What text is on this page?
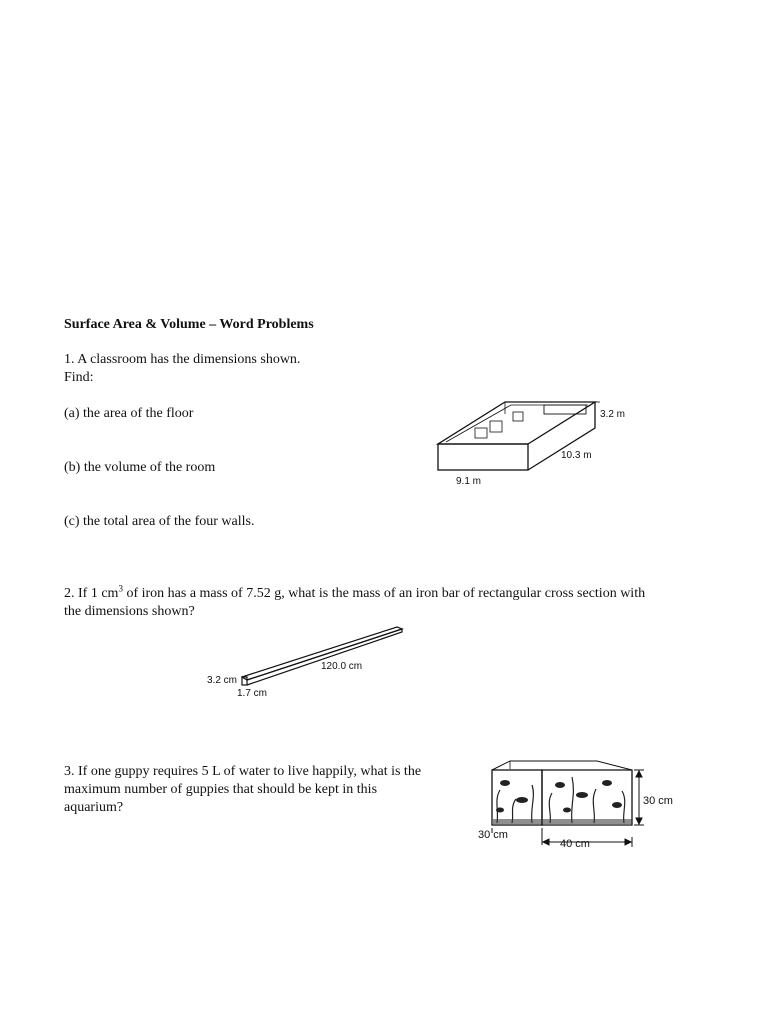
Surface Area & Volume – Word Problems
1. A classroom has the dimensions shown.
Find:
(a) the area of the floor
(b) the volume of the room
(c) the total area of the four walls.
3.2 m
10.3 m
9.1 m
2. If 1 $cm^3$ of iron has a mass of 7.52 g, what is the mass of an iron bar of rectangular cross section with
the dimensions shown?
120.0 cm
3.2 cm
1.7 cm
3. If one guppy requires 5 L of water to live happily, what is the
maximum number of guppies that should be kept in this
aquarium?	30 cm
30 cm
40 cm
